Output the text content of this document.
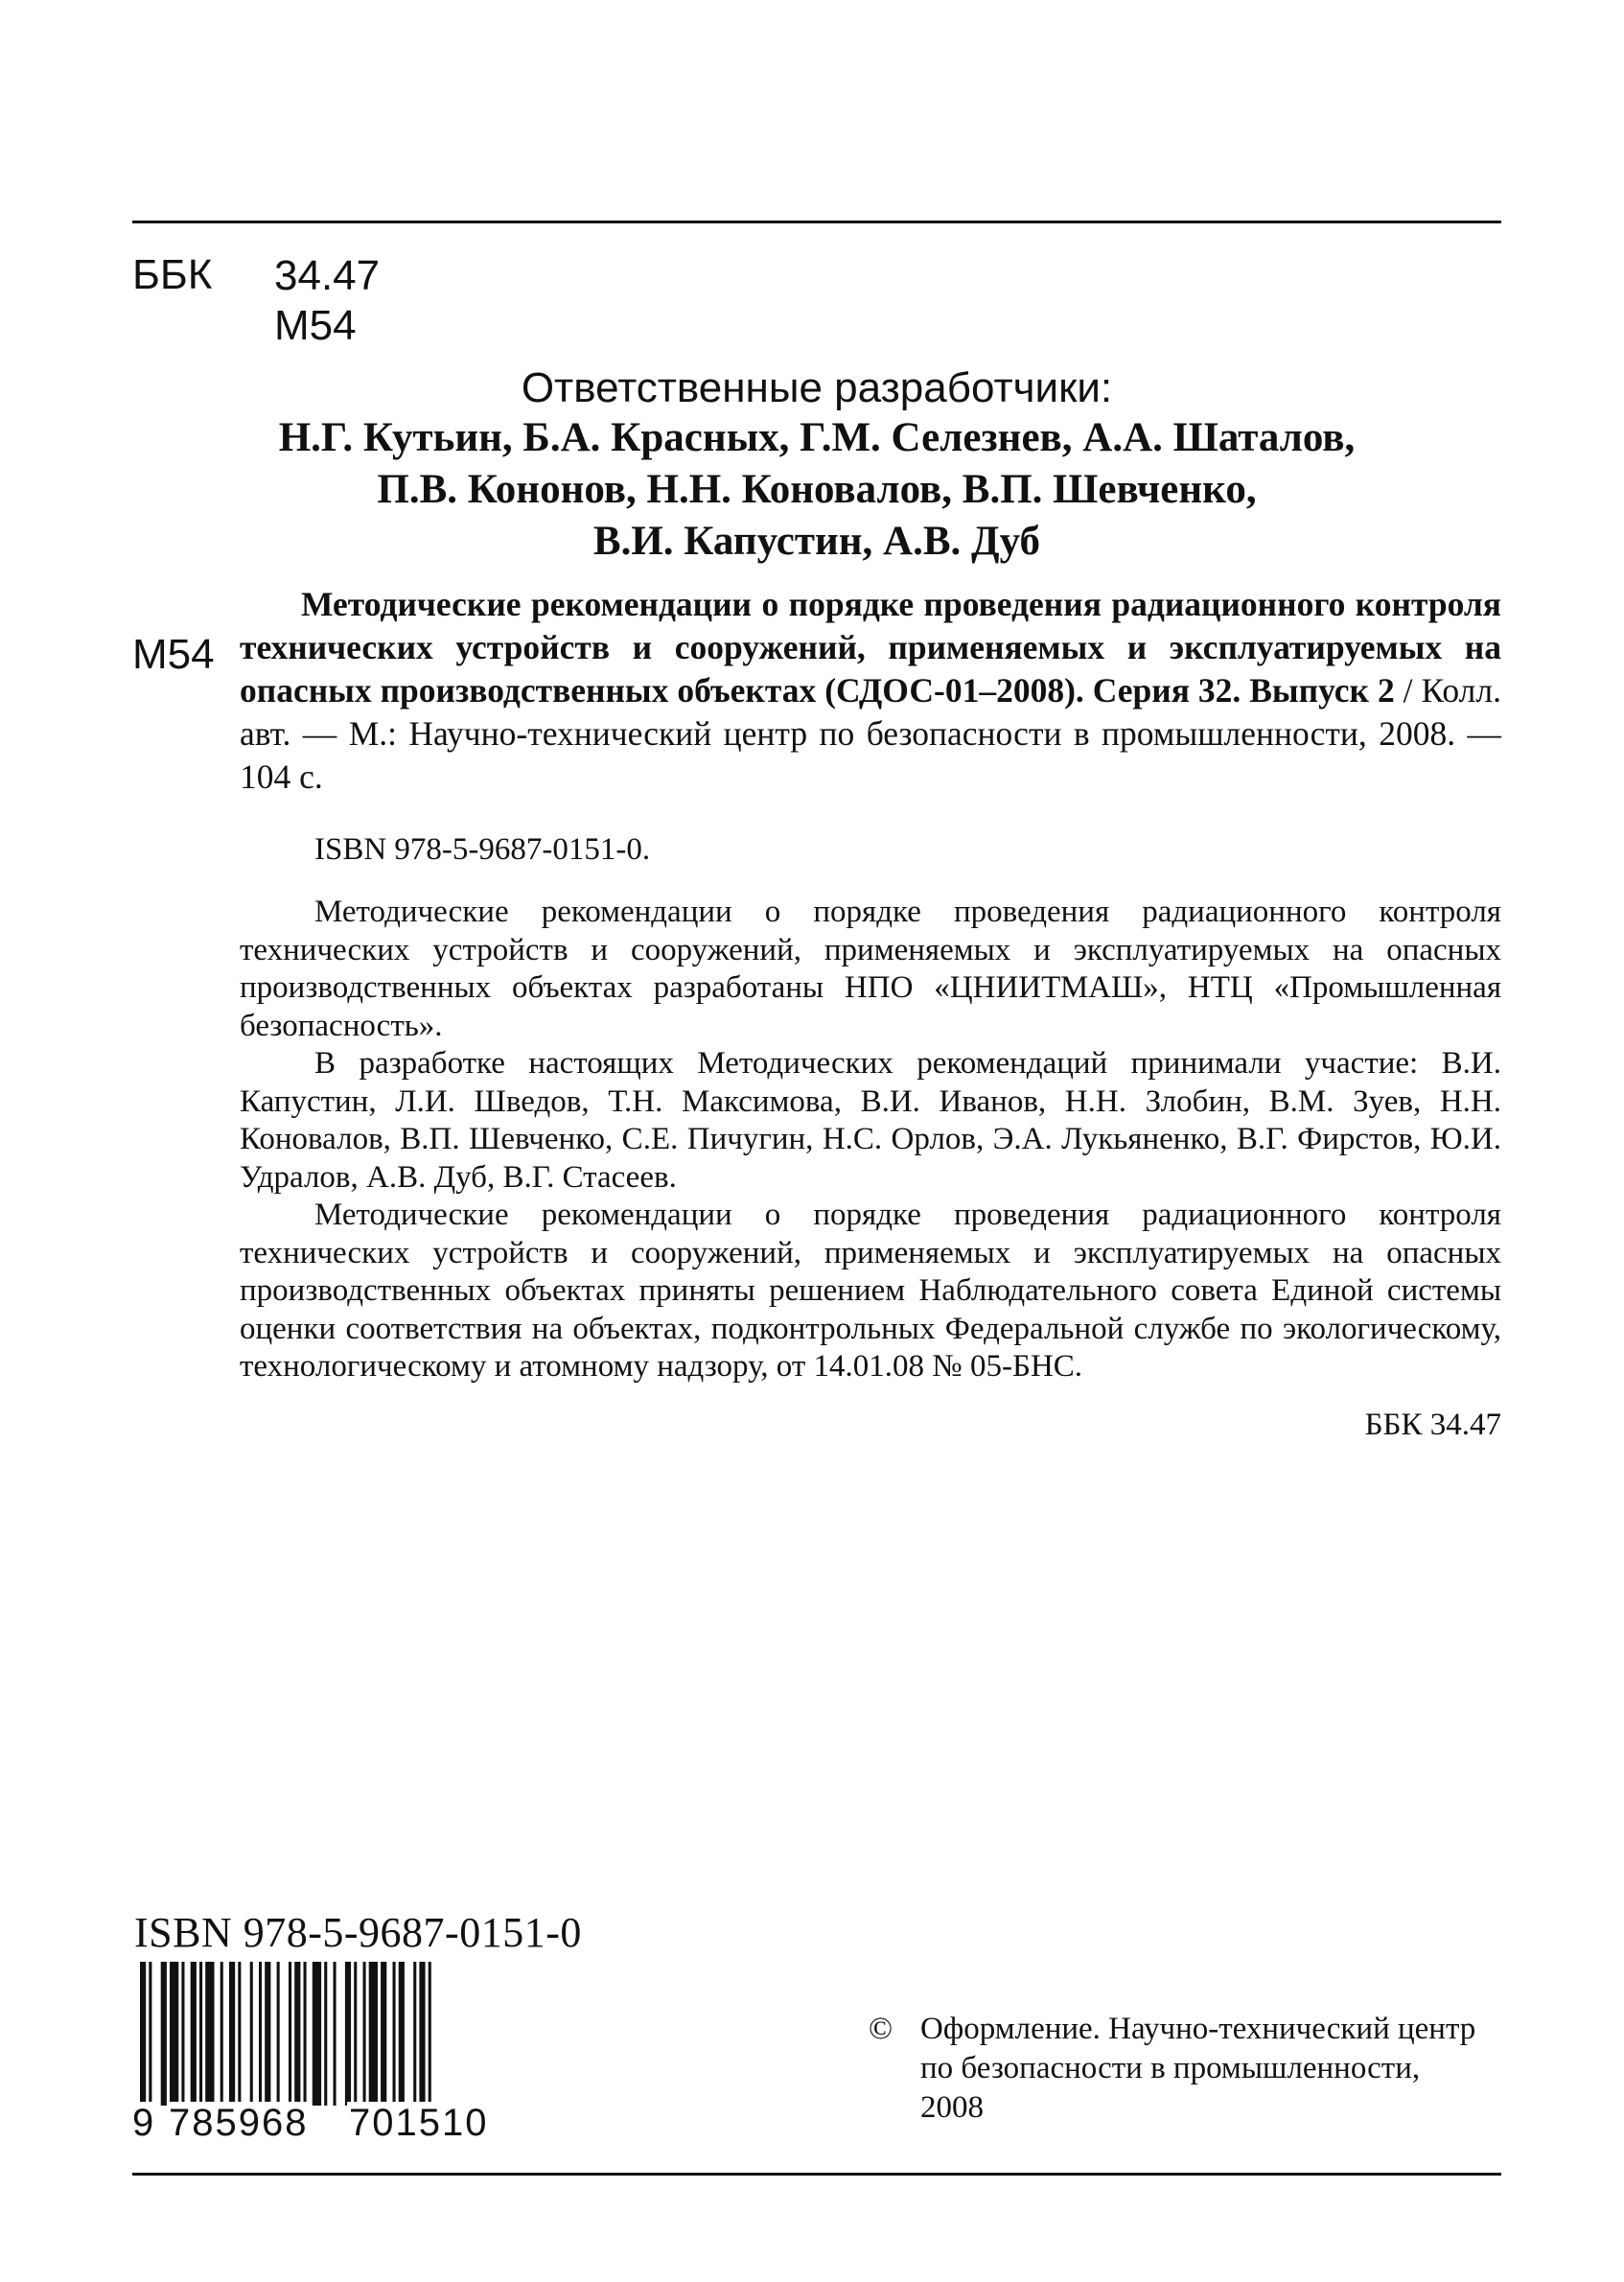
ББК 34.47
М54
Ответственные разработчики:
Н.Г. Кутьин, Б.А. Красных, Г.М. Селезнев, А.А. Шаталов,
П.В. Кононов, Н.Н. Коновалов, В.П. Шевченко,
В.И. Капустин, А.В. Дуб
М54
Методические рекомендации о порядке проведения радиационного контроля технических устройств и сооружений, применяемых и эксплуатируемых на опасных производственных объектах (СДОС-01–2008). Серия 32. Выпуск 2 / Колл. авт. — М.: Научно-технический центр по безопасности в промышленности, 2008. — 104 с.
ISBN 978-5-9687-0151-0.

Методические рекомендации о порядке проведения радиационного контроля технических устройств и сооружений, применяемых и эксплуатируемых на опасных производственных объектах разработаны НПО «ЦНИИТМАШ», НТЦ «Промышленная безопасность».

В разработке настоящих Методических рекомендаций принимали участие: В.И. Капустин, Л.И. Шведов, Т.Н. Максимова, В.И. Иванов, Н.Н. Злобин, В.М. Зуев, Н.Н. Коновалов, В.П. Шевченко, С.Е. Пичугин, Н.С. Орлов, Э.А. Лукьяненко, В.Г. Фирстов, Ю.И. Удралов, А.В. Дуб, В.Г. Стасеев.

Методические рекомендации о порядке проведения радиационного контроля технических устройств и сооружений, применяемых и эксплуатируемых на опасных производственных объектах приняты решением Наблюдательного совета Единой системы оценки соответствия на объектах, подконтрольных Федеральной службе по экологическому, технологическому и атомному надзору, от 14.01.08 № 05-БНС.

ББК 34.47
ISBN 978-5-9687-0151-0
9 785968 701510
© Оформление. Научно-технический центр
по безопасности в промышленности,
2008
